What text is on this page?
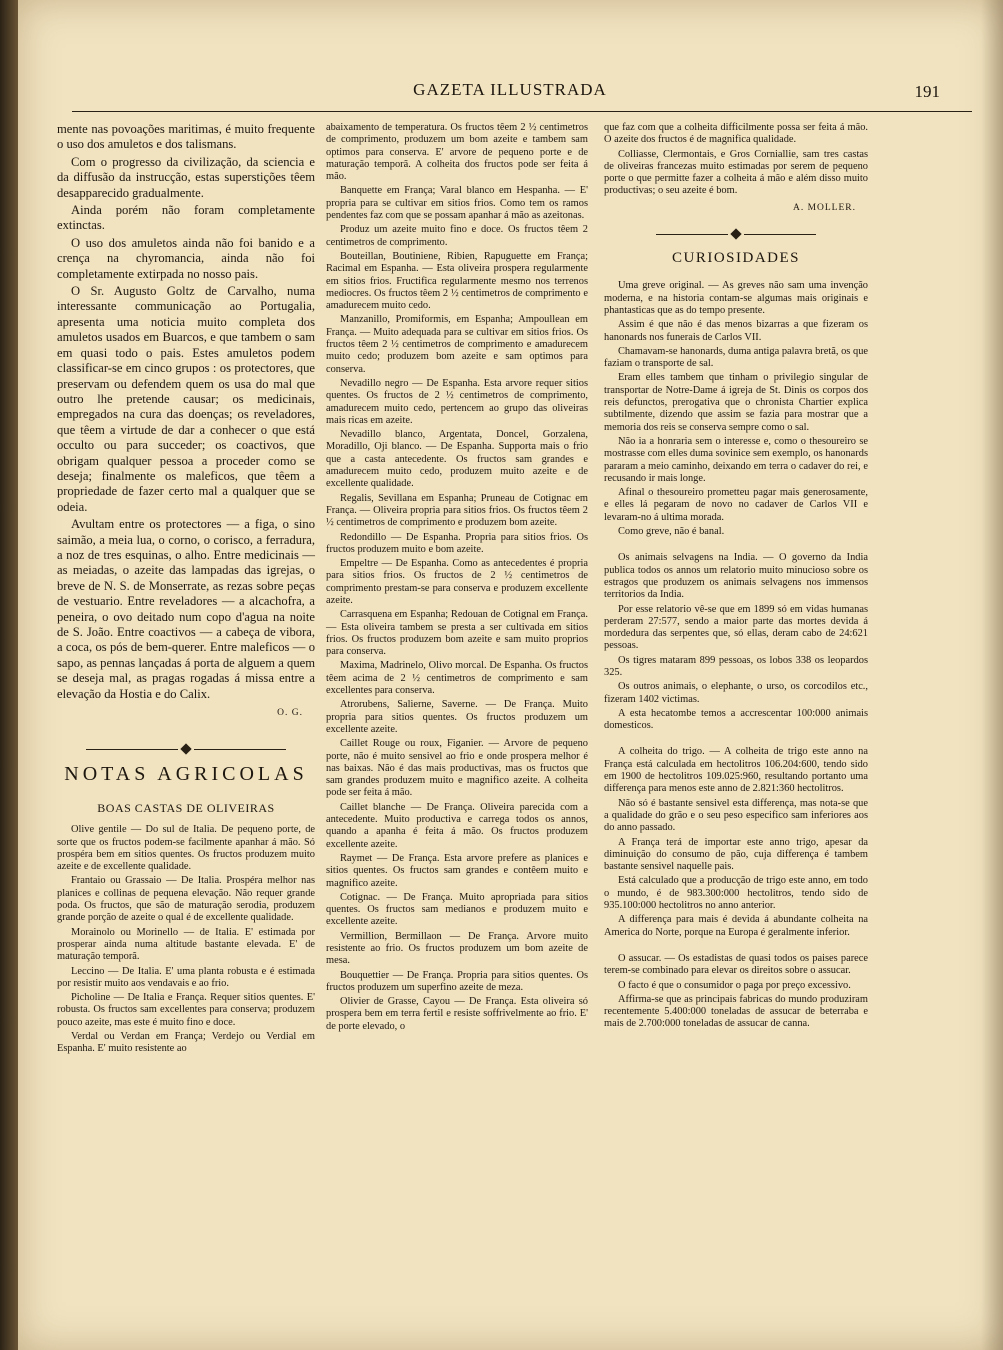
GAZETA ILLUSTRADA	191

mente nas povoações maritimas, é muito frequente o uso dos amuletos e dos talismans.

Com o progresso da civilização, da sciencia e da diffusão da instrucção, estas superstições têem desapparecido gradualmente.

Ainda porém não foram completamente extinctas.

O uso dos amuletos ainda não foi banido e a crença na chyromancia, ainda não foi completamente extirpada no nosso pais.

O Sr. Augusto Goltz de Carvalho, numa interessante communicação ao Portugalia, apresenta uma noticia muito completa dos amuletos usados em Buarcos, e que tambem o sam em quasi todo o pais. Estes amuletos podem classificar-se em cinco grupos : os protectores, que preservam ou defendem quem os usa do mal que outro lhe pretende causar; os medicinais, empregados na cura das doenças; os reveladores, que têem a virtude de dar a conhecer o que está occulto ou para succeder; os coactivos, que obrigam qualquer pessoa a proceder como se deseja; finalmente os maleficos, que têem a propriedade de fazer certo mal a qualquer que se odeia.

Avultam entre os protectores — a figa, o sino saimão, a meia lua, o corno, o corisco, a ferradura, a noz de tres esquinas, o alho. Entre medicinais — as meiadas, o azeite das lampadas das igrejas, o breve de N. S. de Monserrate, as rezas sobre peças de vestuario. Entre reveladores — a alcachofra, a peneira, o ovo deitado num copo d'agua na noite de S. João. Entre coactivos — a cabeça de vibora, a coca, os pós de bem-querer. Entre maleficos — o sapo, as pennas lançadas á porta de alguem a quem se deseja mal, as pragas rogadas á missa entre a elevação da Hostia e do Calix.

O. G.
NOTAS AGRICOLAS
BOAS CASTAS DE OLIVEIRAS

Olive gentile — Do sul de Italia. De pequeno porte, de sorte que os fructos podem-se facilmente apanhar á mão. Só prospéra bem em sitios quentes. Os fructos produzem muito azeite e de excellente qualidade.

Frantaio ou Grassaio — De Italia. Prospéra melhor nas planices e collinas de pequena elevação. Não requer grande poda. Os fructos, que são de maturação serodia, produzem grande porção de azeite o qual é de excellente qualidade.

Morainolo ou Morinello — de Italia. E' estimada por prosperar ainda numa altitude bastante elevada. E' de maturação temporã.

Leccino — De Italia. E' uma planta robusta e é estimada por resistir muito aos vendavais e ao frio.

Picholine — De Italia e França. Requer sitios quentes. E' robusta. Os fructos sam excellentes para conserva; produzem pouco azeite, mas este é muito fino e doce.

Verdal ou Verdan em França; Verdejo ou Verdial em Espanha. E' muito resistente ao

abaixamento de temperatura. Os fructos têem 2 ½ centimetros de comprimento, produzem um bom azeite e tambem sam optimos para conserva. E' arvore de pequeno porte e de maturação temporã. A colheita dos fructos pode ser feita á mão.

Banquette em França; Varal blanco em Hespanha. — E' propria para se cultivar em sitios frios. Como tem os ramos pendentes faz com que se possam apanhar á mão as azeitonas.

Produz um azeite muito fino e doce. Os fructos têem 2 centimetros de comprimento.

Bouteillan, Boutiniene, Ribien, Rapuguette em França; Racimal em Espanha. — Esta oliveira prospera regularmente em sitios frios. Fructifica regularmente mesmo nos terrenos mediocres. Os fructos têem 2 ½ centimetros de comprimento e amadurecem muito cedo.

Manzanillo, Promiformis, em Espanha; Ampoullean em França. — Muito adequada para se cultivar em sitios frios. Os fructos têem 2 ½ centimetros de comprimento e amadurecem muito cedo; produzem bom azeite e sam optimos para conserva.

Nevadillo negro — De Espanha. Esta arvore requer sitios quentes. Os fructos de 2 ½ centimetros de comprimento, amadurecem muito cedo, pertencem ao grupo das oliveiras mais ricas em azeite.

Nevadillo blanco, Argentata, Doncel, Gorzalena, Moradillo, Oji blanco. — De Espanha. Supporta mais o frio que a casta antecedente. Os fructos sam grandes e amadurecem muito cedo, produzem muito azeite e de excellente qualidade.

Regalis, Sevillana em Espanha; Pruneau de Cotignac em França. — Oliveira propria para sitios frios. Os fructos têem 2 ½ centimetros de comprimento e produzem bom azeite.

Redondillo — De Espanha. Propria para sitios frios. Os fructos produzem muito e bom azeite.

Empeltre — De Espanha. Como as antecedentes é propria para sitios frios. Os fructos de 2 ½ centimetros de comprimento prestam-se para conserva e produzem excellente azeite.

Carrasquena em Espanha; Redouan de Cotignal em França. — Esta oliveira tambem se presta a ser cultivada em sitios frios. Os fructos produzem bom azeite e sam muito proprios para conserva.

Maxima, Madrinelo, Olivo morcal. De Espanha. Os fructos têem acima de 2 ½ centimetros de comprimento e sam excellentes para conserva.

Atrorubens, Salierne, Saverne. — De França. Muito propria para sitios quentes. Os fructos produzem um excellente azeite.

Caillet Rouge ou roux, Figanier. — Arvore de pequeno porte, não é muito sensivel ao frio e onde prospera melhor é nas baixas. Não é das mais productivas, mas os fructos que sam grandes produzem muito e magnifico azeite. A colheita pode ser feita á mão.

Caillet blanche — De França. Oliveira parecida com a antecedente. Muito productiva e carrega todos os annos, quando a apanha é feita á mão. Os fructos produzem excellente azeite.

Raymet — De França. Esta arvore prefere as planices e sitios quentes. Os fructos sam grandes e contêem muito e magnifico azeite.

Cotignac. — De França. Muito apropriada para sitios quentes. Os fructos sam medianos e produzem muito e excellente azeite.

Vermillion, Bermillaon — De França. Arvore muito resistente ao frio. Os fructos produzem um bom azeite de mesa.

Bouquettier — De França. Propria para sitios quentes. Os fructos produzem um superfino azeite de meza.

Olivier de Grasse, Cayou — De França. Esta oliveira só prospera bem em terra fertil e resiste soffrivelmente ao frio. E' de porte elevado, o

que faz com que a colheita difficilmente possa ser feita á mão. O azeite dos fructos é de magnifica qualidade.

Colliasse, Clermontais, e Gros Corniallie, sam tres castas de oliveiras francezas muito estimadas por serem de pequeno porte o que permitte fazer a colheita á mão e além disso muito productivas; o seu azeite é bom.

A. MOLLER.
CURIOSIDADES

Uma greve original. — As greves não sam uma invenção moderna, e na historia contam-se algumas mais originais e phantasticas que as do tempo presente.

Assim é que não é das menos bizarras a que fizeram os hanonards nos funerais de Carlos VII.

Chamavam-se hanonards, duma antiga palavra bretã, os que faziam o transporte de sal.

Eram elles tambem que tinham o privilegio singular de transportar de Notre-Dame á igreja de St. Dinis os corpos dos reis defunctos, prerogativa que o chronista Chartier explica subtilmente, dizendo que assim se fazia para mostrar que a memoria dos reis se conserva sempre como o sal.

Não ia a honraria sem o interesse e, como o thesoureiro se mostrasse com elles duma sovinice sem exemplo, os hanonards pararam a meio caminho, deixando em terra o cadaver do rei, e recusando ir mais longe.

Afinal o thesoureiro prometteu pagar mais generosamente, e elles lá pegaram de novo no cadaver de Carlos VII e levaram-no á ultima morada.

Como greve, não é banal.

Os animais selvagens na India. — O governo da India publica todos os annos um relatorio muito minucioso sobre os estragos que produzem os animais selvagens nos immensos territorios da India.

Por esse relatorio vê-se que em 1899 só em vidas humanas perderam 27:577, sendo a maior parte das mortes devida á mordedura das serpentes que, só ellas, deram cabo de 24:621 pessoas.

Os tigres mataram 899 pessoas, os lobos 338 os leopardos 325.

Os outros animais, o elephante, o urso, os corcodilos etc., fizeram 1402 victimas.

A esta hecatombe temos a accrescentar 100:000 animais domesticos.

A colheita do trigo. — A colheita de trigo este anno na França está calculada em hectolitros 106.204:600, tendo sido em 1900 de hectolitros 109.025:960, resultando portanto uma differença para menos este anno de 2.821:360 hectolitros.

Não só é bastante sensivel esta differença, mas nota-se que a qualidade do grão e o seu peso especifico sam inferiores aos do anno passado.

A França terá de importar este anno trigo, apesar da diminuição do consumo de pão, cuja differença é tambem bastante sensivel naquelle pais.

Está calculado que a producção de trigo este anno, em todo o mundo, é de 983.300:000 hectolitros, tendo sido de 935.100:000 hectolitros no anno anterior.

A differença para mais é devida á abundante colheita na America do Norte, porque na Europa é geralmente inferior.

O assucar. — Os estadistas de quasi todos os paises parece terem-se combinado para elevar os direitos sobre o assucar.

O facto é que o consumidor o paga por preço excessivo.

Affirma-se que as principais fabricas do mundo produziram recentemente 5.400:000 toneladas de assucar de beterraba e mais de 2.700:000 toneladas de assucar de canna.
